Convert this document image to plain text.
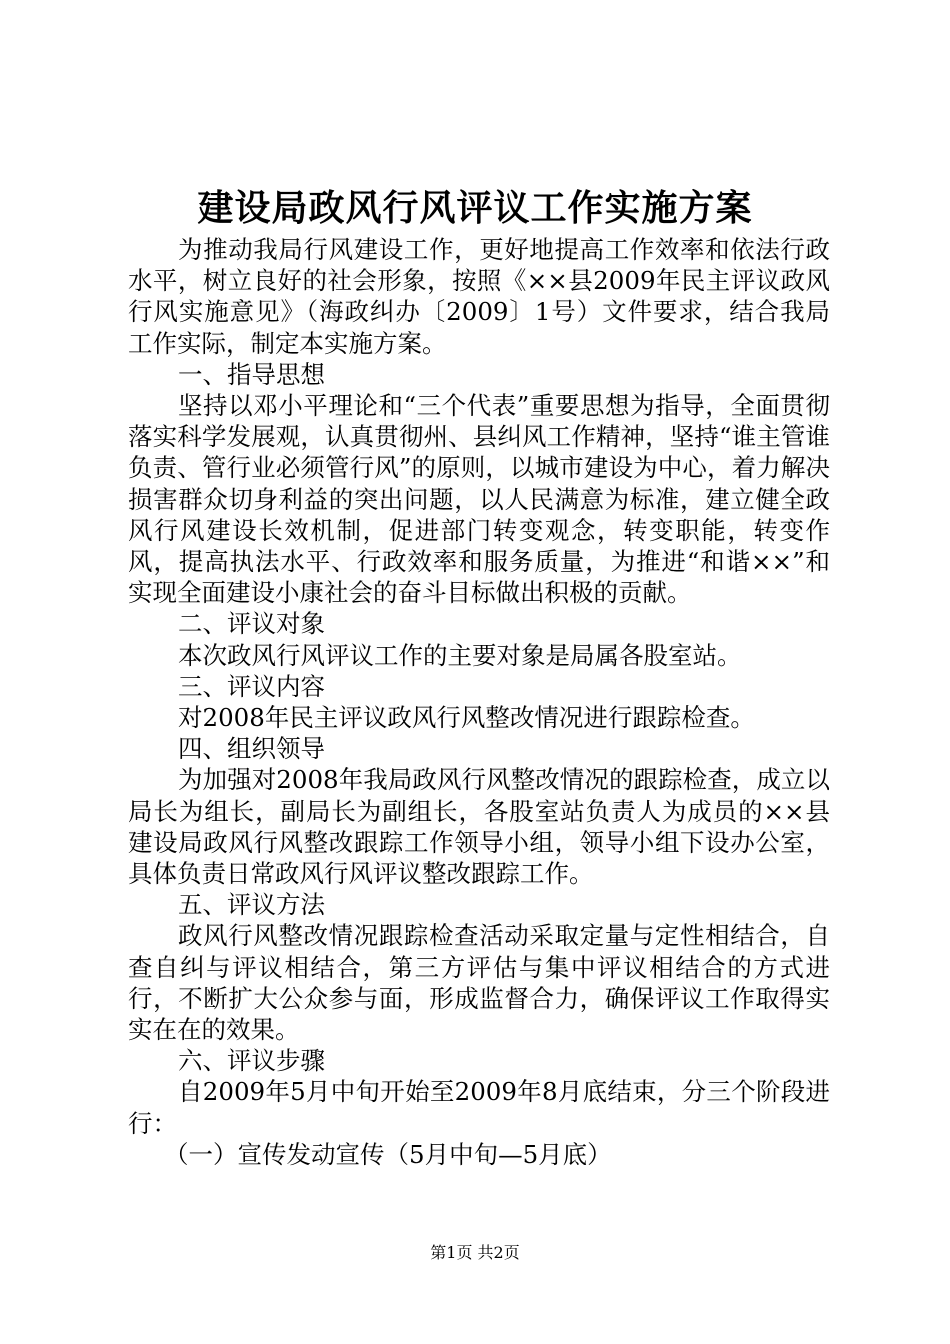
建设局政风行风评议工作实施方案

为推动我局行风建设工作，更好地提高工作效率和依法行政水平，树立良好的社会形象，按照《××县2009年民主评议政风行风实施意见》（海政纠办〔2009〕1号）文件要求，结合我局工作实际，制定本实施方案。

一、指导思想

坚持以邓小平理论和“三个代表”重要思想为指导，全面贯彻落实科学发展观，认真贯彻州、县纠风工作精神，坚持“谁主管谁负责、管行业必须管行风”的原则，以城市建设为中心，着力解决损害群众切身利益的突出问题，以人民满意为标准，建立健全政风行风建设长效机制，促进部门转变观念，转变职能，转变作风，提高执法水平、行政效率和服务质量，为推进“和谐××”和实现全面建设小康社会的奋斗目标做出积极的贡献。

二、评议对象

本次政风行风评议工作的主要对象是局属各股室站。

三、评议内容

对2008年民主评议政风行风整改情况进行跟踪检查。

四、组织领导

为加强对2008年我局政风行风整改情况的跟踪检查，成立以局长为组长，副局长为副组长，各股室站负责人为成员的××县建设局政风行风整改跟踪工作领导小组，领导小组下设办公室，具体负责日常政风行风评议整改跟踪工作。

五、评议方法

政风行风整改情况跟踪检查活动采取定量与定性相结合，自查自纠与评议相结合，第三方评估与集中评议相结合的方式进行，不断扩大公众参与面，形成监督合力，确保评议工作取得实实在在的效果。

六、评议步骤

自2009年5月中旬开始至2009年8月底结束，分三个阶段进行：

（一）宣传发动宣传（5月中旬—5月底）

第1页 共2页
